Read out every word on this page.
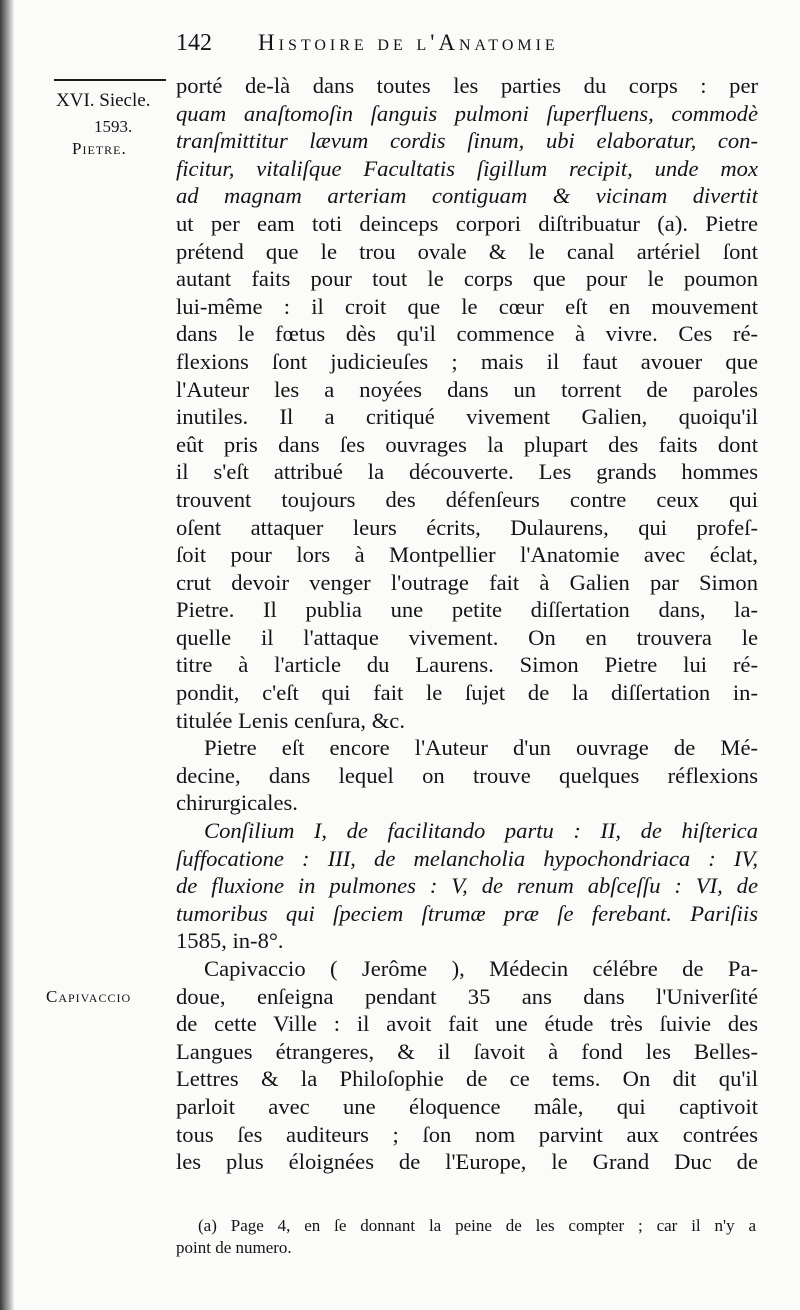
142 Histoire de l'Anatomie
XVI. Siecle.
1593.
Pietre.
Capivaccio
porté de-là dans toutes les parties du corps : per
quam anaſtomoſin ſanguis pulmoni ſuperfluens, commodè
tranſmittitur lævum cordis ſinum, ubi elaboratur, con-
ficitur, vitaliſque Facultatis ſigillum recipit, unde mox
ad magnam arteriam contiguam & vicinam divertit
ut per eam toti deinceps corpori diſtribuatur (a). Pietre
prétend que le trou ovale & le canal artériel ſont
autant faits pour tout le corps que pour le poumon
lui-même : il croit que le cœur eſt en mouvement
dans le fœtus dès qu'il commence à vivre. Ces ré-
flexions ſont judicieuſes ; mais il faut avouer que
l'Auteur les a noyées dans un torrent de paroles
inutiles. Il a critiqué vivement Galien, quoiqu'il
eût pris dans ſes ouvrages la plupart des faits dont
il s'eſt attribué la découverte. Les grands hommes
trouvent toujours des défenſeurs contre ceux qui
oſent attaquer leurs écrits, Dulaurens, qui profeſ-
ſoit pour lors à Montpellier l'Anatomie avec éclat,
crut devoir venger l'outrage fait à Galien par Simon
Pietre. Il publia une petite diſſertation dans, la-
quelle il l'attaque vivement. On en trouvera le
titre à l'article du Laurens. Simon Pietre lui ré-
pondit, c'eſt qui fait le ſujet de la diſſertation in-
titulée Lenis cenſura, &c.
Pietre eſt encore l'Auteur d'un ouvrage de Mé-
decine, dans lequel on trouve quelques réflexions
chirurgicales.
Conſilium I, de facilitando partu : II, de hiſterica
ſuffocatione : III, de melancholia hypochondriaca : IV,
de fluxione in pulmones : V, de renum abſceſſu : VI, de
tumoribus qui ſpeciem ſtrumæ præ ſe ferebant. Pariſiis
1585, in-8°.
Capivaccio ( Jerôme ), Médecin célébre de Pa-
doue, enſeigna pendant 35 ans dans l'Univerſité
de cette Ville : il avoit fait une étude très ſuivie des
Langues étrangeres, & il ſavoit à fond les Belles-
Lettres & la Philoſophie de ce tems. On dit qu'il
parloit avec une éloquence mâle, qui captivoit
tous ſes auditeurs ; ſon nom parvint aux contrées
les plus éloignées de l'Europe, le Grand Duc de
(a) Page 4, en ſe donnant la peine de les compter ; car il n'y a
point de numero.
